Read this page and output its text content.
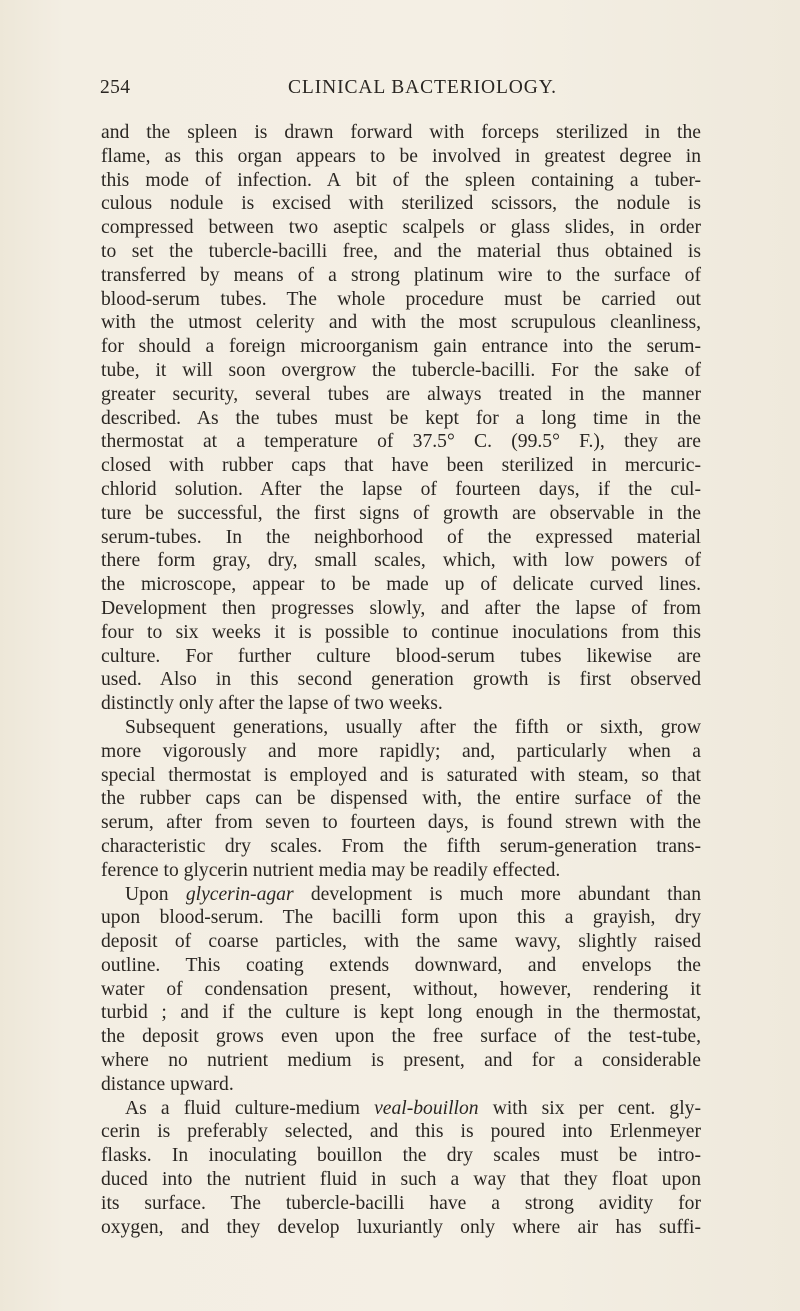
254	CLINICAL BACTERIOLOGY.
and the spleen is drawn forward with forceps sterilized in the
flame, as this organ appears to be involved in greatest degree in
this mode of infection. A bit of the spleen containing a tuber-
culous nodule is excised with sterilized scissors, the nodule is
compressed between two aseptic scalpels or glass slides, in order
to set the tubercle-bacilli free, and the material thus obtained is
transferred by means of a strong platinum wire to the surface of
blood-serum tubes. The whole procedure must be carried out
with the utmost celerity and with the most scrupulous cleanliness,
for should a foreign microorganism gain entrance into the serum-
tube, it will soon overgrow the tubercle-bacilli. For the sake of
greater security, several tubes are always treated in the manner
described. As the tubes must be kept for a long time in the
thermostat at a temperature of 37.5° C. (99.5° F.), they are
closed with rubber caps that have been sterilized in mercuric-
chlorid solution. After the lapse of fourteen days, if the cul-
ture be successful, the first signs of growth are observable in the
serum-tubes. In the neighborhood of the expressed material
there form gray, dry, small scales, which, with low powers of
the microscope, appear to be made up of delicate curved lines.
Development then progresses slowly, and after the lapse of from
four to six weeks it is possible to continue inoculations from this
culture. For further culture blood-serum tubes likewise are
used. Also in this second generation growth is first observed
distinctly only after the lapse of two weeks.
Subsequent generations, usually after the fifth or sixth, grow
more vigorously and more rapidly; and, particularly when a
special thermostat is employed and is saturated with steam, so that
the rubber caps can be dispensed with, the entire surface of the
serum, after from seven to fourteen days, is found strewn with the
characteristic dry scales. From the fifth serum-generation trans-
ference to glycerin nutrient media may be readily effected.
Upon glycerin-agar development is much more abundant than
upon blood-serum. The bacilli form upon this a grayish, dry
deposit of coarse particles, with the same wavy, slightly raised
outline. This coating extends downward, and envelops the
water of condensation present, without, however, rendering it
turbid ; and if the culture is kept long enough in the thermostat,
the deposit grows even upon the free surface of the test-tube,
where no nutrient medium is present, and for a considerable
distance upward.
As a fluid culture-medium veal-bouillon with six per cent. gly-
cerin is preferably selected, and this is poured into Erlenmeyer
flasks. In inoculating bouillon the dry scales must be intro-
duced into the nutrient fluid in such a way that they float upon
its surface. The tubercle-bacilli have a strong avidity for
oxygen, and they develop luxuriantly only where air has suffi-
